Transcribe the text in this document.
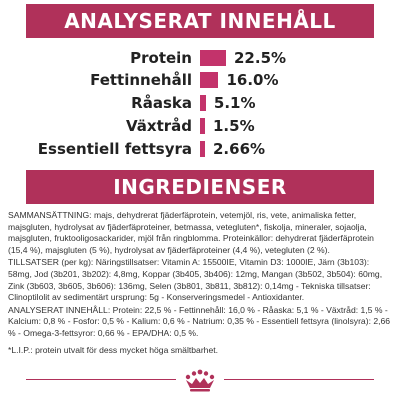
ANALYSERAT INNEHÅLL
Protein	22.5%
Fettinnehåll 16.0%
Råaska 5.1%
Växtråd 1.5%
Essentiell fettsyra 2.66%
INGREDIENSER

SAMMANSÄTTNING: majs, dehydrerat fjäderfäprotein, vetemjöl, ris, vete, animaliska fetter, majsgluten, hydrolysat av fjäderfäproteiner, betmassa, vetegluten*, fiskolja, mineraler, sojaolja, majsgluten, fruktooligosackarider, mjöl från ringblomma. Proteinkällor: dehydrerat fjäderfäprotein (15,4 %), majsgluten (5 %), hydrolysat av fjäderfäproteiner (4,4 %), vetegluten (2 %).

TILLSATSER (per kg): Näringstillsatser: Vitamin A: 15500IE, Vitamin D3: 1000IE, Järn (3b103): 58mg, Jod (3b201, 3b202): 4,8mg, Koppar (3b405, 3b406): 12mg, Mangan (3b502, 3b504): 60mg, Zink (3b603, 3b605, 3b606): 136mg, Selen (3b801, 3b811, 3b812): 0,14mg - Tekniska tillsatser: Clinoptilolit av sedimentärt ursprung: 5g - Konserveringsmedel - Antioxidanter.

ANALYSERAT INNEHÅLL: Protein: 22,5 % - Fettinnehåll: 16,0 % - Råaska: 5,1 % - Växtråd: 1,5 % - Kalcium: 0,8 % - Fosfor: 0,5 % - Kalium: 0,6 % - Natrium: 0,35 % - Essentiell fettsyra (linolsyra): 2,66 % - Omega-3-fettsyror: 0,66 % - EPA/DHA: 0,5 %.

*L.I.P.: protein utvalt för dess mycket höga smältbarhet.
